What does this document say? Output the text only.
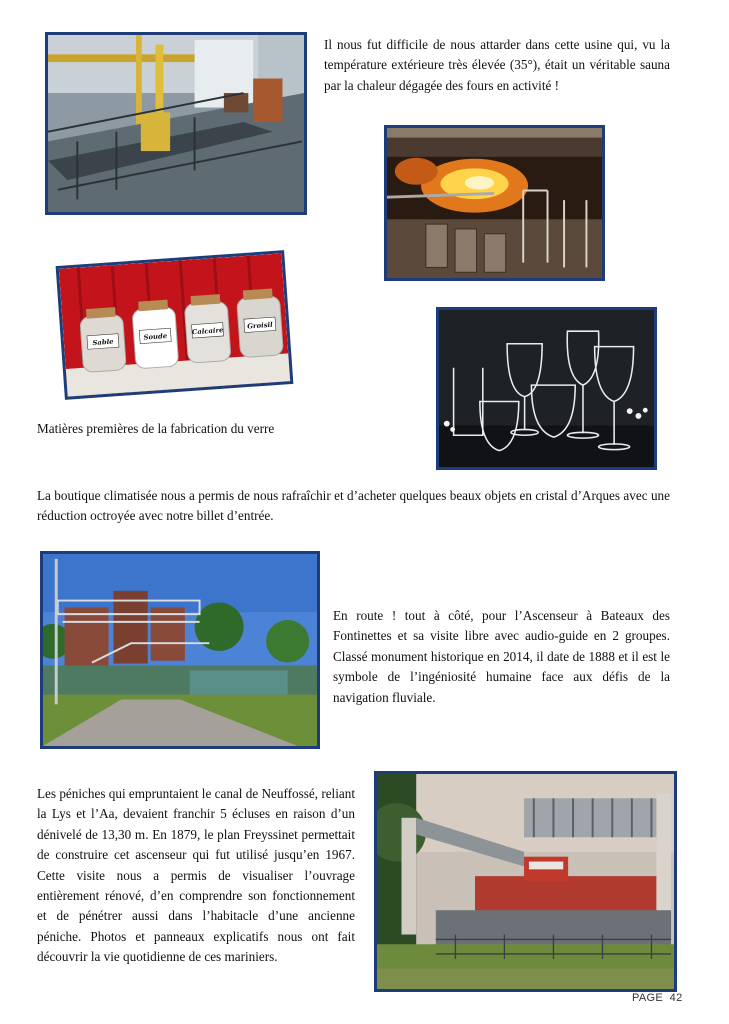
Il nous fut difficile de nous attarder dans cette usine qui, vu la température extérieure très élevée (35°), était un véritable sauna par la chaleur dégagée des fours en activité !

Sable
Soude
Calcaire
Groisil

Matières premières de la fabrication du verre

La boutique climatisée nous a permis de nous rafraîchir et d’acheter quelques beaux objets en cristal d’Arques avec une réduction octroyée avec notre billet d’entrée.

En route ! tout à côté, pour l’Ascenseur à Bateaux des Fontinettes et sa visite libre avec audio-guide en 2 groupes. Classé monument historique en 2014, il date de 1888 et il est le symbole de l’ingéniosité humaine face aux défis de la navigation fluviale.

Les péniches qui empruntaient le canal de Neuffossé, reliant la Lys et l’Aa, devaient franchir 5 écluses en raison d’un dénivelé de 13,30 m. En 1879, le plan Freyssinet permettait de construire cet ascenseur qui fut utilisé jusqu’en 1967. Cette visite nous a permis de visualiser l’ouvrage entièrement rénové, d’en comprendre son fonctionnement et de pénétrer aussi dans l’habitacle d’une ancienne péniche. Photos et panneaux explicatifs nous ont fait découvrir la vie quotidienne de ces mariniers.

PAGE  42
